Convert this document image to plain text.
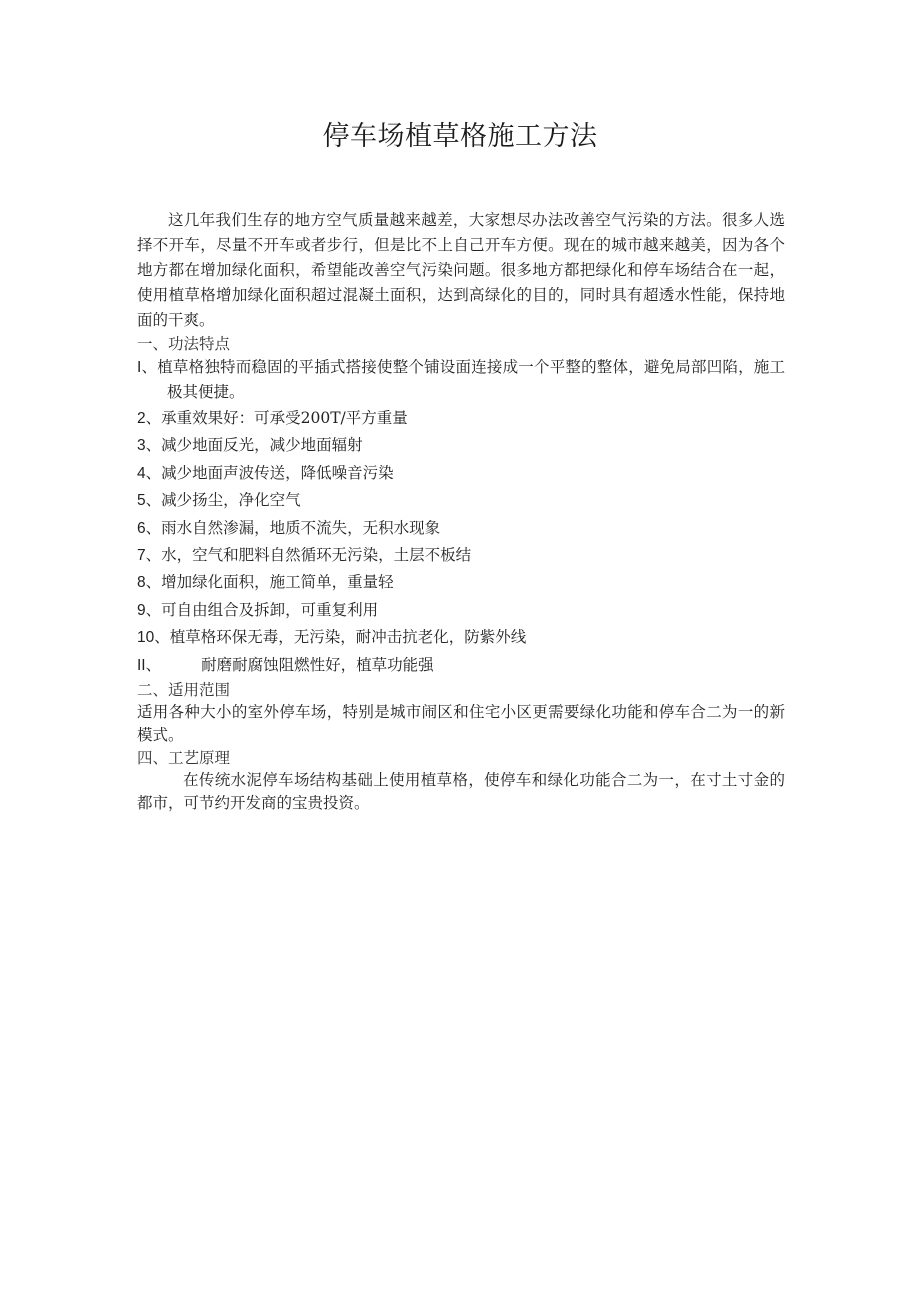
停车场植草格施工方法

这几年我们生存的地方空气质量越来越差，大家想尽办法改善空气污染的方法。很多人选择不开车，尽量不开车或者步行，但是比不上自己开车方便。现在的城市越来越美，因为各个地方都在增加绿化面积，希望能改善空气污染问题。很多地方都把绿化和停车场结合在一起，使用植草格增加绿化面积超过混凝土面积，达到高绿化的目的，同时具有超透水性能，保持地面的干爽。

一、功法特点

I、植草格独特而稳固的平插式搭接使整个铺设面连接成一个平整的整体，避免局部凹陷，施工极其便捷。

2、承重效果好：可承受200T/平方重量

3、减少地面反光，减少地面辐射

4、减少地面声波传送，降低噪音污染

5、减少扬尘，净化空气

6、雨水自然渗漏，地质不流失，无积水现象

7、水，空气和肥料自然循环无污染，土层不板结

8、增加绿化面积，施工简单，重量轻

9、可自由组合及拆卸，可重复利用

10、植草格环保无毒，无污染，耐冲击抗老化，防紫外线

II、	耐磨耐腐蚀阻燃性好，植草功能强

二、适用范围

适用各种大小的室外停车场，特别是城市闹区和住宅小区更需要绿化功能和停车合二为一的新模式。

四、工艺原理

在传统水泥停车场结构基础上使用植草格，使停车和绿化功能合二为一，在寸土寸金的都市，可节约开发商的宝贵投资。
